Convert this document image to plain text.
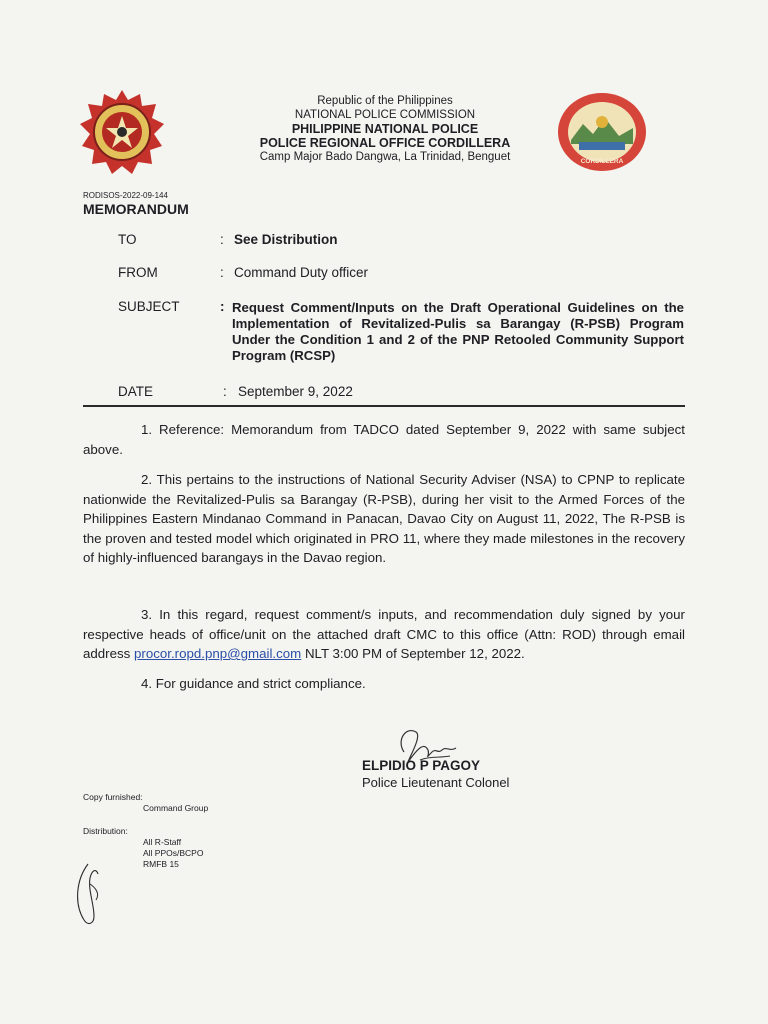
CORDILLERA
Republic of the Philippines
NATIONAL POLICE COMMISSION
PHILIPPINE NATIONAL POLICE
POLICE REGIONAL OFFICE CORDILLERA
Camp Major Bado Dangwa, La Trinidad, Benguet
RODISOS-2022-09-144
MEMORANDUM
TO	: See Distribution
FROM	: Command Duty officer
SUBJECT	: Request Comment/Inputs on the Draft Operational Guidelines on the Implementation of Revitalized-Pulis sa Barangay (R-PSB) Program Under the Condition 1 and 2 of the PNP Retooled Community Support Program (RCSP)
DATE	: September 9, 2022
1. Reference: Memorandum from TADCO dated September 9, 2022 with same subject above.
2. This pertains to the instructions of National Security Adviser (NSA) to CPNP to replicate nationwide the Revitalized-Pulis sa Barangay (R-PSB), during her visit to the Armed Forces of the Philippines Eastern Mindanao Command in Panacan, Davao City on August 11, 2022, The R-PSB is the proven and tested model which originated in PRO 11, where they made milestones in the recovery of highly-influenced barangays in the Davao region.
3. In this regard, request comment/s inputs, and recommendation duly signed by your respective heads of office/unit on the attached draft CMC to this office (Attn: ROD) through email address procor.ropd.pnp@gmail.com NLT 3:00 PM of September 12, 2022.
4. For guidance and strict compliance.
ELPIDIO P PAGOY
Police Lieutenant Colonel
Copy furnished:
Command Group
Distribution:
All R-Staff
All PPOs/BCPO
RMFB 15
